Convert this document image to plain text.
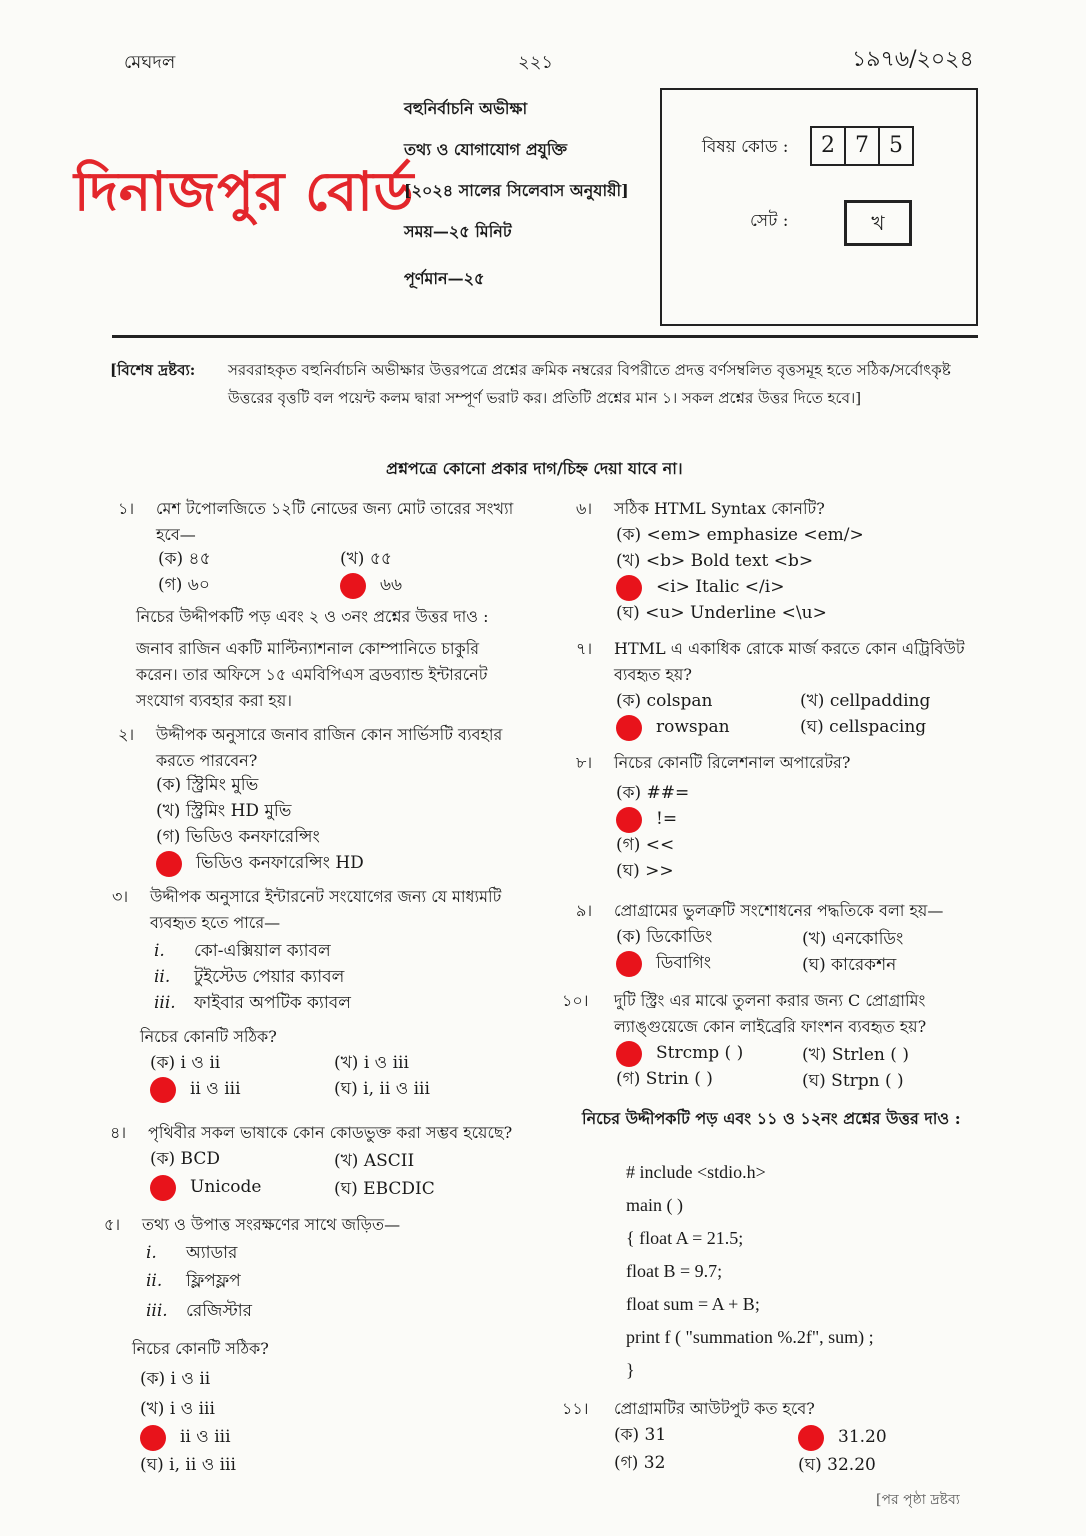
মেঘদল	২২১	১৯৭৬/২০২৪
দিনাজপুর বোর্ড
বহুনির্বাচনি অভীক্ষা
তথ্য ও যোগাযোগ প্রযুক্তি
[২০২৪ সালের সিলেবাস অনুযায়ী]
সময়—২৫ মিনিট
পূর্ণমান—২৫
বিষয় কোড :	2 7 5
সেট :	খ
[বিশেষ দ্রষ্টব্য: সরবরাহকৃত বহুনির্বাচনি অভীক্ষার উত্তরপত্রে প্রশ্নের ক্রমিক নম্বরের বিপরীতে প্রদত্ত বর্ণসম্বলিত বৃত্তসমূহ হতে সঠিক/সর্বোৎকৃষ্ট উত্তরের বৃত্তটি বল পয়েন্ট কলম দ্বারা সম্পূর্ণ ভরাট কর। প্রতিটি প্রশ্নের মান ১। সকল প্রশ্নের উত্তর দিতে হবে।]
প্রশ্নপত্রে কোনো প্রকার দাগ/চিহ্ন দেয়া যাবে না।
১। মেশ টপোলজিতে ১২টি নোডের জন্য মোট তারের সংখ্যা হবে—
(ক) ৪৫	(খ) ৫৫
(গ) ৬০	৬৬
নিচের উদ্দীপকটি পড় এবং ২ ও ৩নং প্রশ্নের উত্তর দাও :
জনাব রাজিন একটি মাল্টিন্যাশনাল কোম্পানিতে চাকুরি করেন। তার অফিসে ১৫ এমবিপিএস ব্রডব্যান্ড ইন্টারনেট সংযোগ ব্যবহার করা হয়।
২। উদ্দীপক অনুসারে জনাব রাজিন কোন সার্ভিসটি ব্যবহার করতে পারবেন?
(ক) স্ট্রিমিং মুভি
(খ) স্ট্রিমিং HD মুভি
(গ) ভিডিও কনফারেন্সিং
ভিডিও কনফারেন্সিং HD
৩। উদ্দীপক অনুসারে ইন্টারনেট সংযোগের জন্য যে মাধ্যমটি ব্যবহৃত হতে পারে—
i. কো-এক্সিয়াল ক্যাবল
ii. টুইস্টেড পেয়ার ক্যাবল
iii. ফাইবার অপটিক ক্যাবল
নিচের কোনটি সঠিক?
(ক) i ও ii	(খ) i ও iii
ii ও iii	(ঘ) i, ii ও iii
৪। পৃথিবীর সকল ভাষাকে কোন কোডভুক্ত করা সম্ভব হয়েছে?
(ক) BCD	(খ) ASCII
Unicode	(ঘ) EBCDIC
৫। তথ্য ও উপাত্ত সংরক্ষণের সাথে জড়িত—
i. অ্যাডার
ii. ফ্লিপফ্লপ
iii. রেজিস্টার
নিচের কোনটি সঠিক?
(ক) i ও ii
(খ) i ও iii
ii ও iii
(ঘ) i, ii ও iii
৬। সঠিক HTML Syntax কোনটি?
(ক) <em> emphasize <em/>
(খ) <b> Bold text <b>
<i> Italic </i>
(ঘ) <u> Underline <\u>
৭। HTML এ একাধিক রোকে মার্জ করতে কোন এট্রিবিউট ব্যবহৃত হয়?
(ক) colspan	(খ) cellpadding
rowspan	(ঘ) cellspacing
৮। নিচের কোনটি রিলেশনাল অপারেটর?
(ক) ##=
!=
(গ) <<
(ঘ) >>
৯। প্রোগ্রামের ভুলত্রুটি সংশোধনের পদ্ধতিকে বলা হয়—
(ক) ডিকোডিং	(খ) এনকোডিং
ডিবাগিং	(ঘ) কারেকশন
১০। দুটি স্ট্রিং এর মাঝে তুলনা করার জন্য C প্রোগ্রামিং ল্যাঙ্গুয়েজে কোন লাইব্রেরি ফাংশন ব্যবহৃত হয়?
Strcmp ( )	(খ) Strlen ( )
(গ) Strin ( )	(ঘ) Strpn ( )
নিচের উদ্দীপকটি পড় এবং ১১ ও ১২নং প্রশ্নের উত্তর দাও :
# include <stdio.h>
main ( )
{ float A = 21.5;
float B = 9.7;
float sum = A + B;
print f ( "summation %.2f", sum) ;
}
১১। প্রোগ্রামটির আউটপুট কত হবে?
(ক) 31	31.20
(গ) 32	(ঘ) 32.20
[পর পৃষ্ঠা দ্রষ্টব্য
